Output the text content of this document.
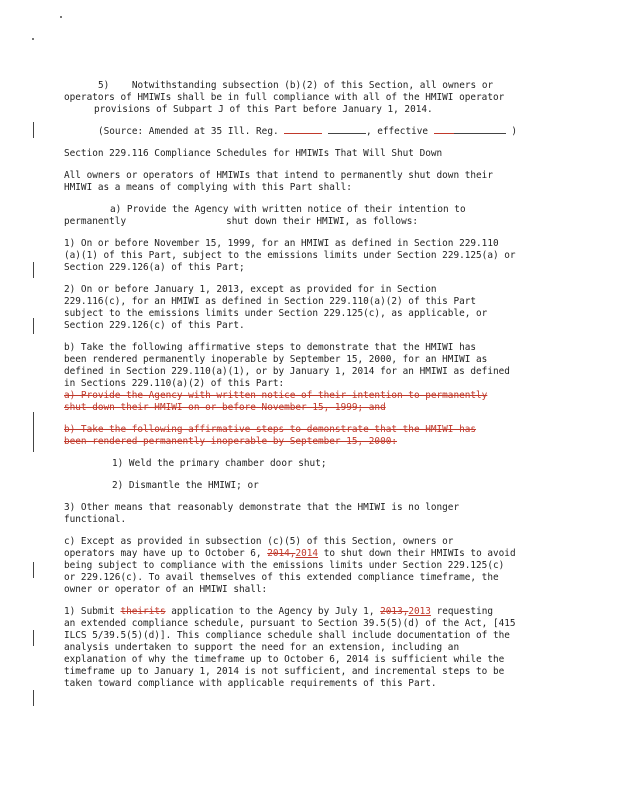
5) Notwithstanding subsection (b)(2) of this Section, all owners or
operators of HMIWIs shall be in full compliance with all of the HMIWI operator
provisions of Subpart J of this Part before January 1, 2014.
(Source: Amended at 35 Ill. Reg.	, effective	)
Section 229.116 Compliance Schedules for HMIWIs That Will Shut Down
All owners or operators of HMIWIs that intend to permanently shut down their
HMIWI as a means of complying with this Part shall:
a) Provide the Agency with written notice of their intention to
permanently	shut down their HMIWI, as follows:
1) On or before November 15, 1999, for an HMIWI as defined in Section 229.110
(a)(1) of this Part, subject to the emissions limits under Section 229.125(a) or
Section 229.126(a) of this Part;
2) On or before January 1, 2013, except as provided for in Section
229.116(c), for an HMIWI as defined in Section 229.110(a)(2) of this Part
subject to the emissions limits under Section 229.125(c), as applicable, or
Section 229.126(c) of this Part.
b) Take the following affirmative steps to demonstrate that the HMIWI has
been rendered permanently inoperable by September 15, 2000, for an HMIWI as
defined in Section 229.110(a)(1), or by January 1, 2014 for an HMIWI as defined
in Sections 229.110(a)(2) of this Part:
a) Provide the Agency with written notice of their intention to permanently
shut down their HMIWI on or before November 15, 1999; and
b) Take the following affirmative steps to demonstrate that the HMIWI has
been rendered permanently inoperable by September 15, 2000:
1) Weld the primary chamber door shut;
2) Dismantle the HMIWI; or
3) Other means that reasonably demonstrate that the HMIWI is no longer
functional.
c) Except as provided in subsection (c)(5) of this Section, owners or
operators may have up to October 6, 2014,2014 to shut down their HMIWIs to avoid
being subject to compliance with the emissions limits under Section 229.125(c)
or 229.126(c). To avail themselves of this extended compliance timeframe, the
owner or operator of an HMIWI shall:
1) Submit theirits application to the Agency by July 1, 2013,2013 requesting
an extended compliance schedule, pursuant to Section 39.5(5)(d) of the Act, [415
ILCS 5/39.5(5)(d)]. This compliance schedule shall include documentation of the
analysis undertaken to support the need for an extension, including an
explanation of why the timeframe up to October 6, 2014 is sufficient while the
timeframe up to January 1, 2014 is not sufficient, and incremental steps to be
taken toward compliance with applicable requirements of this Part.
